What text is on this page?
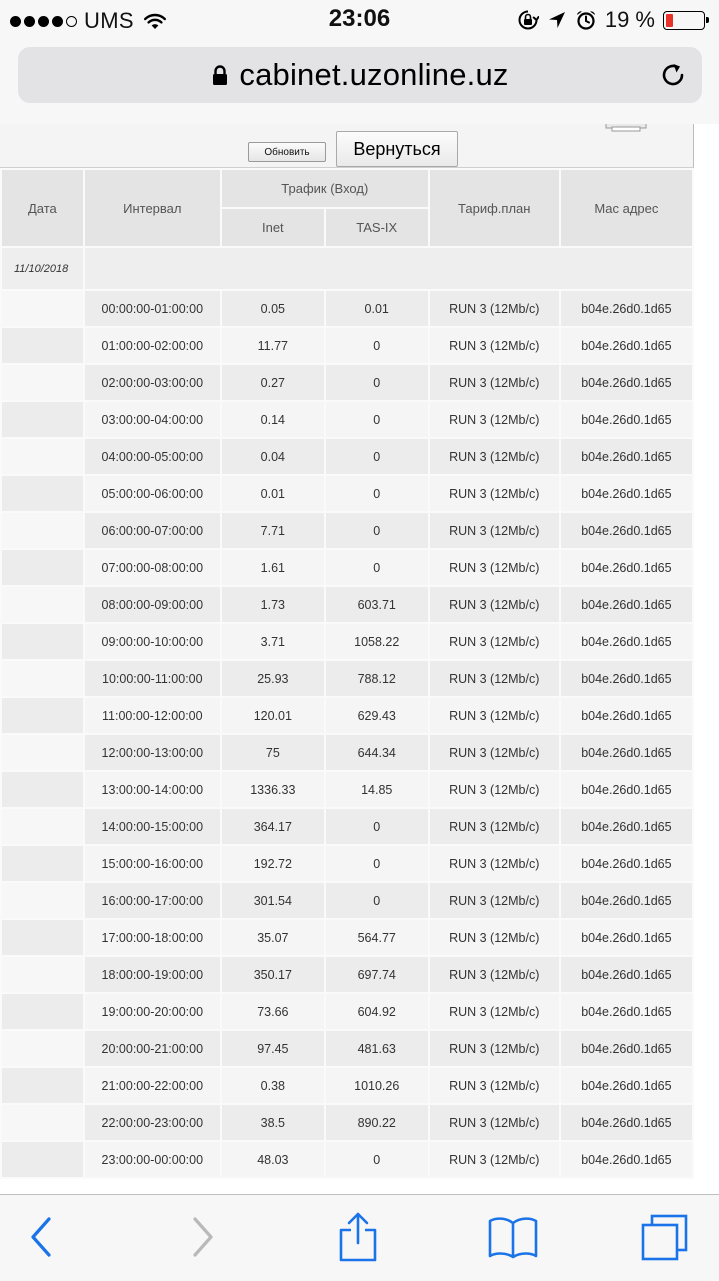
UMS	23:06	19 %
cabinet.uzonline.uz
Обновить	Вернуться
Дата	Интервал	Трафик (Вход)		Тариф.план	Mac адрес
		Inet	TAS-IX		
11/10/2018					
	00:00:00-01:00:00	0.05	0.01	RUN 3 (12Mb/c)	b04e.26d0.1d65
	01:00:00-02:00:00	11.77	0	RUN 3 (12Mb/c)	b04e.26d0.1d65
	02:00:00-03:00:00	0.27	0	RUN 3 (12Mb/c)	b04e.26d0.1d65
	03:00:00-04:00:00	0.14	0	RUN 3 (12Mb/c)	b04e.26d0.1d65
	04:00:00-05:00:00	0.04	0	RUN 3 (12Mb/c)	b04e.26d0.1d65
	05:00:00-06:00:00	0.01	0	RUN 3 (12Mb/c)	b04e.26d0.1d65
	06:00:00-07:00:00	7.71	0	RUN 3 (12Mb/c)	b04e.26d0.1d65
	07:00:00-08:00:00	1.61	0	RUN 3 (12Mb/c)	b04e.26d0.1d65
	08:00:00-09:00:00	1.73	603.71	RUN 3 (12Mb/c)	b04e.26d0.1d65
	09:00:00-10:00:00	3.71	1058.22	RUN 3 (12Mb/c)	b04e.26d0.1d65
	10:00:00-11:00:00	25.93	788.12	RUN 3 (12Mb/c)	b04e.26d0.1d65
	11:00:00-12:00:00	120.01	629.43	RUN 3 (12Mb/c)	b04e.26d0.1d65
	12:00:00-13:00:00	75	644.34	RUN 3 (12Mb/c)	b04e.26d0.1d65
	13:00:00-14:00:00	1336.33	14.85	RUN 3 (12Mb/c)	b04e.26d0.1d65
	14:00:00-15:00:00	364.17	0	RUN 3 (12Mb/c)	b04e.26d0.1d65
	15:00:00-16:00:00	192.72	0	RUN 3 (12Mb/c)	b04e.26d0.1d65
	16:00:00-17:00:00	301.54	0	RUN 3 (12Mb/c)	b04e.26d0.1d65
	17:00:00-18:00:00	35.07	564.77	RUN 3 (12Mb/c)	b04e.26d0.1d65
	18:00:00-19:00:00	350.17	697.74	RUN 3 (12Mb/c)	b04e.26d0.1d65
	19:00:00-20:00:00	73.66	604.92	RUN 3 (12Mb/c)	b04e.26d0.1d65
	20:00:00-21:00:00	97.45	481.63	RUN 3 (12Mb/c)	b04e.26d0.1d65
	21:00:00-22:00:00	0.38	1010.26	RUN 3 (12Mb/c)	b04e.26d0.1d65
	22:00:00-23:00:00	38.5	890.22	RUN 3 (12Mb/c)	b04e.26d0.1d65
	23:00:00-00:00:00	48.03	0	RUN 3 (12Mb/c)	b04e.26d0.1d65
